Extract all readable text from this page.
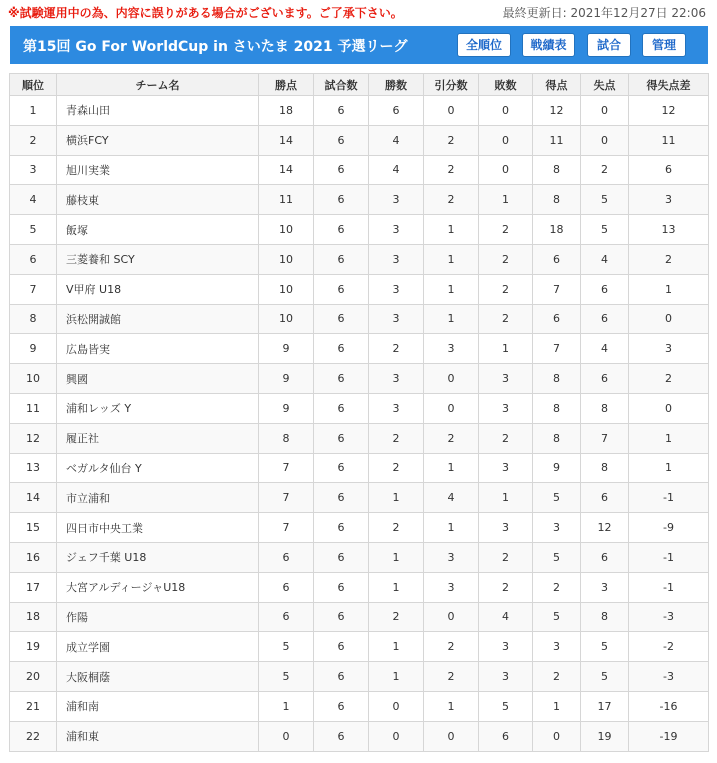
※試験運用中の為、内容に誤りがある場合がございます。ご了承下さい。	最終更新日: 2021年12月27日 22:06
第15回 Go For WorldCup in さいたま 2021 予選リーグ	全順位	戦績表	試合	管理
順位	チーム名	勝点	試合数	勝数	引分数	敗数	得点	失点	得失点差
1	青森山田	18	6	6	0	0	12	0	12
2	横浜FCY	14	6	4	2	0	11	0	11
3	旭川実業	14	6	4	2	0	8	2	6
4	藤枝東	11	6	3	2	1	8	5	3
5	飯塚	10	6	3	1	2	18	5	13
6	三菱養和 SCY	10	6	3	1	2	6	4	2
7	V甲府 U18	10	6	3	1	2	7	6	1
8	浜松開誠館	10	6	3	1	2	6	6	0
9	広島皆実	9	6	2	3	1	7	4	3
10	興國	9	6	3	0	3	8	6	2
11	浦和レッズ Y	9	6	3	0	3	8	8	0
12	履正社	8	6	2	2	2	8	7	1
13	ベガルタ仙台 Y	7	6	2	1	3	9	8	1
14	市立浦和	7	6	1	4	1	5	6	-1
15	四日市中央工業	7	6	2	1	3	3	12	-9
16	ジェフ千葉 U18	6	6	1	3	2	5	6	-1
17	大宮アルディージャU18	6	6	1	3	2	2	3	-1
18	作陽	6	6	2	0	4	5	8	-3
19	成立学園	5	6	1	2	3	3	5	-2
20	大阪桐蔭	5	6	1	2	3	2	5	-3
21	浦和南	1	6	0	1	5	1	17	-16
22	浦和東	0	6	0	0	6	0	19	-19
